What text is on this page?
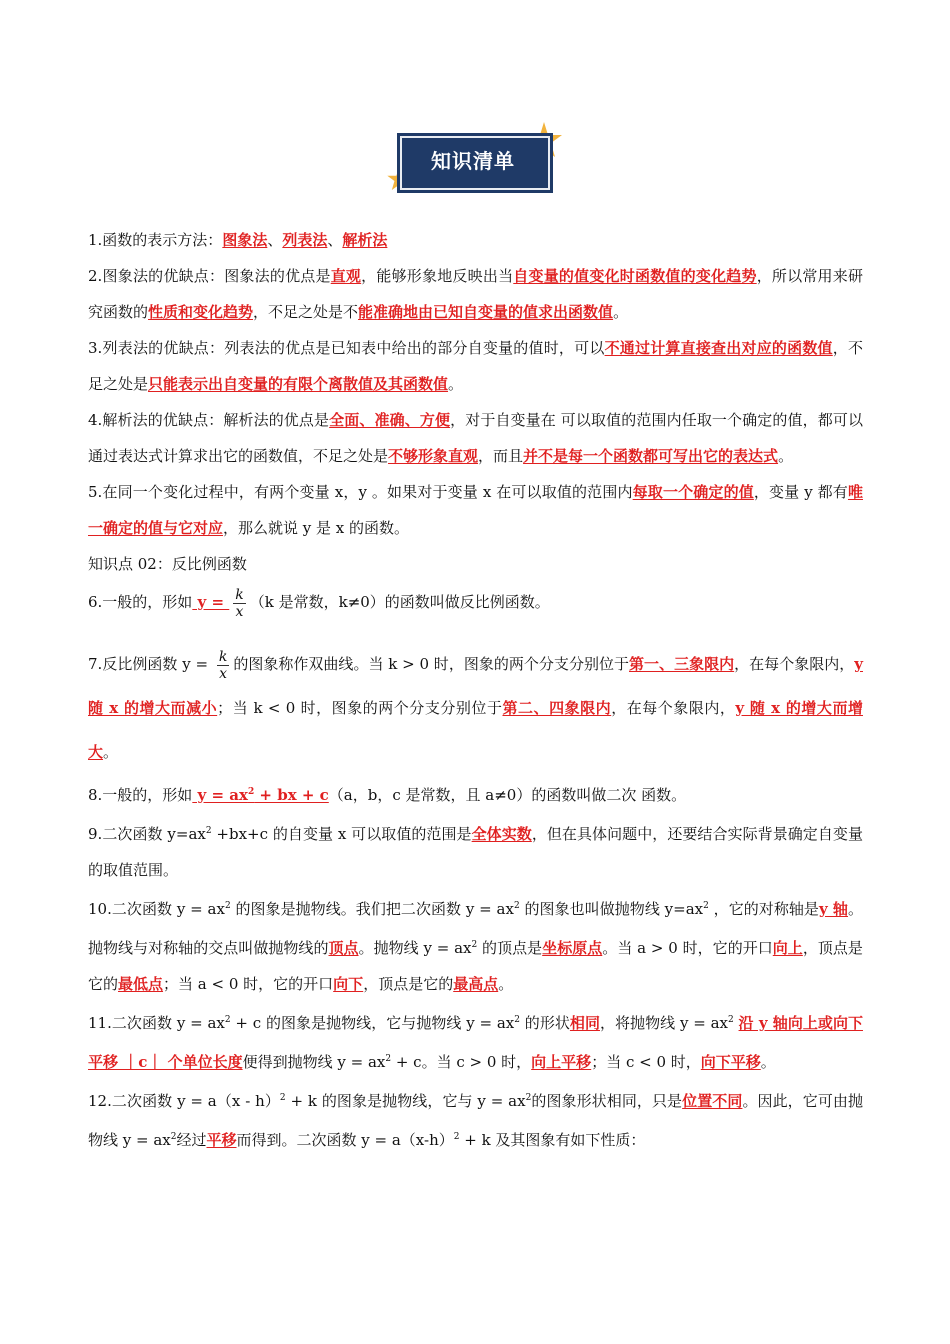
知识清单

1.函数的表示方法：图象法、列表法、解析法

2.图象法的优缺点：图象法的优点是直观，能够形象地反映出当自变量的值变化时函数值的变化趋势，所以常用来研究函数的性质和变化趋势，不足之处是不能准确地由已知自变量的值求出函数值。

3.列表法的优缺点：列表法的优点是已知表中给出的部分自变量的值时，可以不通过计算直接查出对应的函数值，不足之处是只能表示出自变量的有限个离散值及其函数值。

4.解析法的优缺点：解析法的优点是全面、准确、方便，对于自变量在 可以取值的范围内任取一个确定的值，都可以通过表达式计算求出它的函数值，不足之处是不够形象直观，而且并不是每一个函数都可写出它的表达式。

5.在同一个变化过程中，有两个变量 x，y 。如果对于变量 x 在可以取值的范围内每取一个确定的值，变量 y 都有唯一确定的值与它对应，那么就说 y 是 x 的函数。

知识点 02：反比例函数

6.一般的，形如 $y = \frac{k}{x} (k$ 是常数，k≠0）的函数叫做反比例函数。

7.反比例函数 $y = \frac{k}{x}$ 的图象称作双曲线。当 k > 0 时，图象的两个分支分别位于第一、三象限内，在每个象限内，y 随 x 的增大而减小；当 k < 0 时，图象的两个分支分别位于第二、四象限内，在每个象限内，y 随 x 的增大而增大。

8.一般的，形如 $y = ax^2$ + bx + c（a，b，c 是常数，且 a≠0）的函数叫做二次 函数。

9.二次函数 $y=ax^2 +bx+c$ 的自变量 x 可以取值的范围是全体实数，但在具体问题中，还要结合实际背景确定自变量的取值范围。

10.二次函数 $y = ax^2$ 的图象是抛物线。我们把二次函数 $y = ax^2$ 的图象也叫做抛物线 $y=ax^2$ ，它的对称轴是y 轴。抛物线与对称轴的交点叫做抛物线的顶点。抛物线 $y = ax^2$ 的顶点是坐标原点。当 a > 0 时，它的开口向上，顶点是它的最低点；当 a < 0 时，它的开口向下，顶点是它的最高点。

11.二次函数 $y = ax^2 + c$ 的图象是抛物线，它与抛物线 $y = ax^2$ 的形状相同，将抛物线 $y = ax^2$ 沿 y 轴向上或向下平移 ｜c｜ 个单位长度便得到抛物线 $y = ax^2 + c$。当 c > 0 时，向上平移；当 c < 0 时，向下平移。

12.二次函数 y = a（x - h）$^2$ + k 的图象是抛物线，它与 $y = ax^2$的图象形状相同，只是位置不同。因此，它可由抛物线 $y = ax^2$经过平移而得到。二次函数 $y = a(x-h)^2 + k$ 及其图象有如下性质：
